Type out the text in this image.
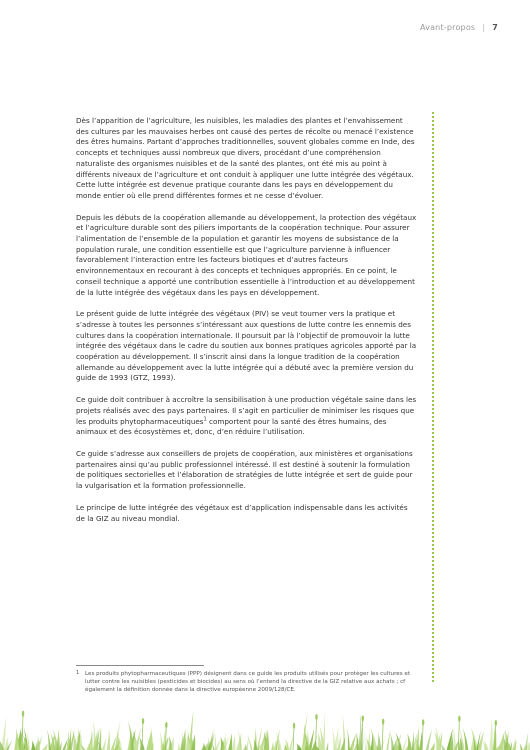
Avant-propos | 7

Dès l’apparition de l’agriculture, les nuisibles, les maladies des plantes et l’envahissement des cultures par les mauvaises herbes ont causé des pertes de récolte ou menacé l’existence des êtres humains. Partant d’approches traditionnelles, souvent globales comme en Inde, des concepts et techniques aussi nombreux que divers, procédant d’une compréhension naturaliste des organismes nuisibles et de la santé des plantes, ont été mis au point à différents niveaux de l’agriculture et ont conduit à appliquer une lutte intégrée des végétaux. Cette lutte intégrée est devenue pratique courante dans les pays en développement du monde entier où elle prend différentes formes et ne cesse d’évoluer.

Depuis les débuts de la coopération allemande au développement, la protection des végétaux et l’agriculture durable sont des piliers importants de la coopération technique. Pour assurer l’alimentation de l’ensemble de la population et garantir les moyens de subsistance de la population rurale, une condition essentielle est que l’agriculture parvienne à influencer favorablement l’interaction entre les facteurs biotiques et d’autres facteurs environnementaux en recourant à des concepts et techniques appropriés. En ce point, le conseil technique a apporté une contribution essentielle à l’introduction et au développement de la lutte intégrée des végétaux dans les pays en développement.

Le présent guide de lutte intégrée des végétaux (PIV) se veut tourner vers la pratique et s’adresse à toutes les personnes s’intéressant aux questions de lutte contre les ennemis des cultures dans la coopération internationale. Il poursuit par là l’objectif de promouvoir la lutte intégrée des végétaux dans le cadre du soutien aux bonnes pratiques agricoles apporté par la coopération au développement. Il s’inscrit ainsi dans la longue tradition de la coopération allemande au développement avec la lutte intégrée qui a débuté avec la première version du guide de 1993 (GTZ, 1993).

Ce guide doit contribuer à accroître la sensibilisation à une production végétale saine dans les projets réalisés avec des pays partenaires. Il s’agit en particulier de minimiser les risques que les produits phytopharmaceutiques$^1$ comportent pour la santé des êtres humains, des animaux et des écosystèmes et, donc, d’en réduire l’utilisation.

Ce guide s’adresse aux conseillers de projets de coopération, aux ministères et organisations partenaires ainsi qu’au public professionnel intéressé. Il est destiné à soutenir la formulation de politiques sectorielles et l’élaboration de stratégies de lutte intégrée et sert de guide pour la vulgarisation et la formation professionnelle.

Le principe de lutte intégrée des végétaux est d’application indispensable dans les activités de la GIZ au niveau mondial.

1	Les produits phytopharmaceutiques (PPP) désignent dans ce guide les produits utilisés pour protéger les cultures et lutter contre les nuisibles (pesticides et biocides) au sens où l’entend la directive de la GIZ relative aux achats ; cf également la définition donnée dans la directive européenne 2009/128/CE.
